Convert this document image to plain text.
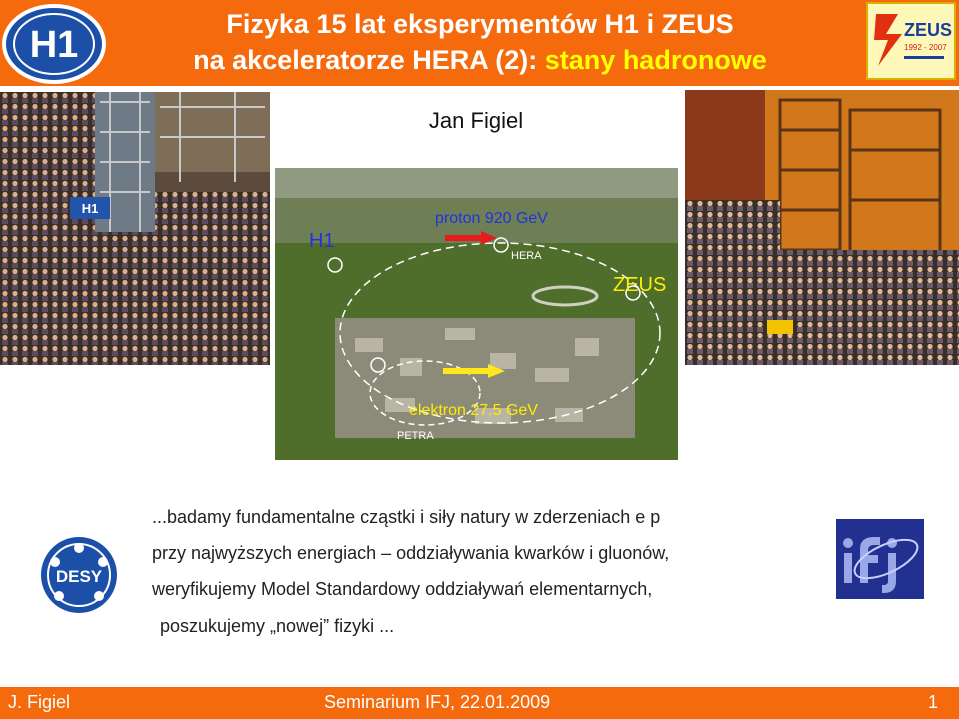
H1	Fizyka 15 lat eksperymentów H1 i ZEUS
na akceleratorze HERA (2): stany hadronowe
ZEUS
1992 - 2007
H1
Jan Figiel
H1
proton 920 GeV
HERA
ZEUS
elektron 27.5 GeV
PETRA
DESY
...badamy fundamentalne cząstki i siły natury w zderzeniach e p
przy najwyższych energiach – oddziaływania kwarków i gluonów,
weryfikujemy Model Standardowy oddziaływań elementarnych,
poszukujemy „nowej” fizyki ...
J. Figiel	Seminarium IFJ, 22.01.2009	1
